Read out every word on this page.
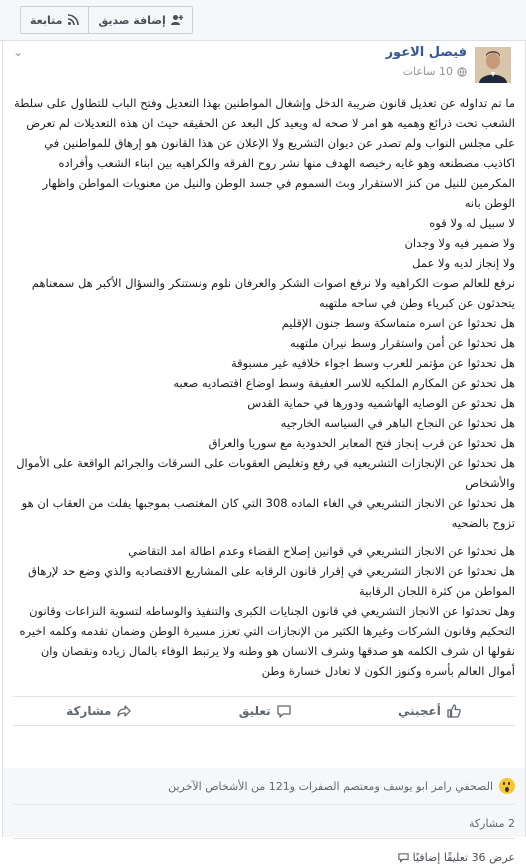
متابعة	إضافة صديق
⌄	فيصل الاعور
10 ساعات

ما تم تداوله عن تعديل قانون ضريبة الدخل وإشغال المواطنين بهذا التعديل وفتح الباب للتطاول على سلطة الشعب تحت ذرائع وهميه هو امر لا صحه له ويعيد كل البعد عن الحقيقه حيث ان هذه التعديلات لم تعرض على مجلس النواب ولم تصدر عن ديوان التشريع ولا الإعلان عن هذا القانون هو إرهاق للمواطنين في اكاذيب مصطنعه وهو غايه رخيصه الهدف منها نشر روح الفرقه والكراهيه بين ابناء الشعب وأفراده المكرمين للنيل من كنز الاستقرار وبث السموم في جسد الوطن والنيل من معنويات المواطن واظهار الوطن بانه

لا سبيل له ولا قوه

ولا ضمير فيه ولا وجدان

ولا إنجاز لديه ولا عمل

نرفع للعالم صوت الكراهيه ولا نرفع اصوات الشكر والعرفان نلوم ونستنكر والسؤال الأكبر هل سمعناهم يتحدثون عن كبرياء وطن في ساحه ملتهبه

هل تحدثوا عن اسره متماسكة وسط جنون الإقليم

هل تحدثوا عن أمن واستقرار وسط نيران ملتهبه

هل تحدثوا عن مؤتمر للعرب وسط اجواء خلافيه غير مسبوقة

هل تحدثو عن المكارم الملكيه للاسر العفيفة وسط اوضاع اقتصاديه صعبه

هل تحدثو عن الوصايه الهاشميه ودورها في حماية القدس

هل تحدثوا عن النجاح الباهر في السياسه الخارجيه

هل تحدثوا عن قرب إنجاز فتح المعابر الحدودية مع سوريا والعراق

هل تحدثوا عن الإنجازات التشريعيه في رفع وتغليض العقوبات على السرقات والجرائم الواقعة على الأموال والأشخاص

هل تحدثوا عن الانجاز التشريعي في الغاء الماده 308 التي كان المغتصب بموجبها يفلت من العقاب ان هو تزوج بالضحيه

هل تحدثوا عن الانجاز التشريعي في قوانين إصلاح القضاء وعدم اطالة امد التقاضي

هل تحدثوا عن الانجاز التشريعي في إقرار قانون الرقابه على المشاريع الاقتصاديه والذي وضع حد لإرهاق المواطن من كثرة اللجان الرقابية

وهل تحدثوا عن الانجاز التشريعي في قانون الجنايات الكبرى والتنفيذ والوساطه لتسوية النزاعات وقانون التحكيم وقانون الشركات وغيرها الكثير من الإنجازات التي تعزز مسيرة الوطن وضمان تقدمه وكلمه اخيره نقولها ان شرف الكلمه هو صدقها وشرف الانسان هو وطنه ولا يرتبط الوفاء بالمال زياده ونقصان وان أموال العالم بأسره وكنوز الكون لا تعادل خسارة وطن

أعجبني
تعليق
مشاركة
الصحفي رامز ابو يوسف ومعتصم الصفرات و121 من الأشخاص الآخرين
2 مشاركة
عرض 36 تعليقًا إضافيًا
